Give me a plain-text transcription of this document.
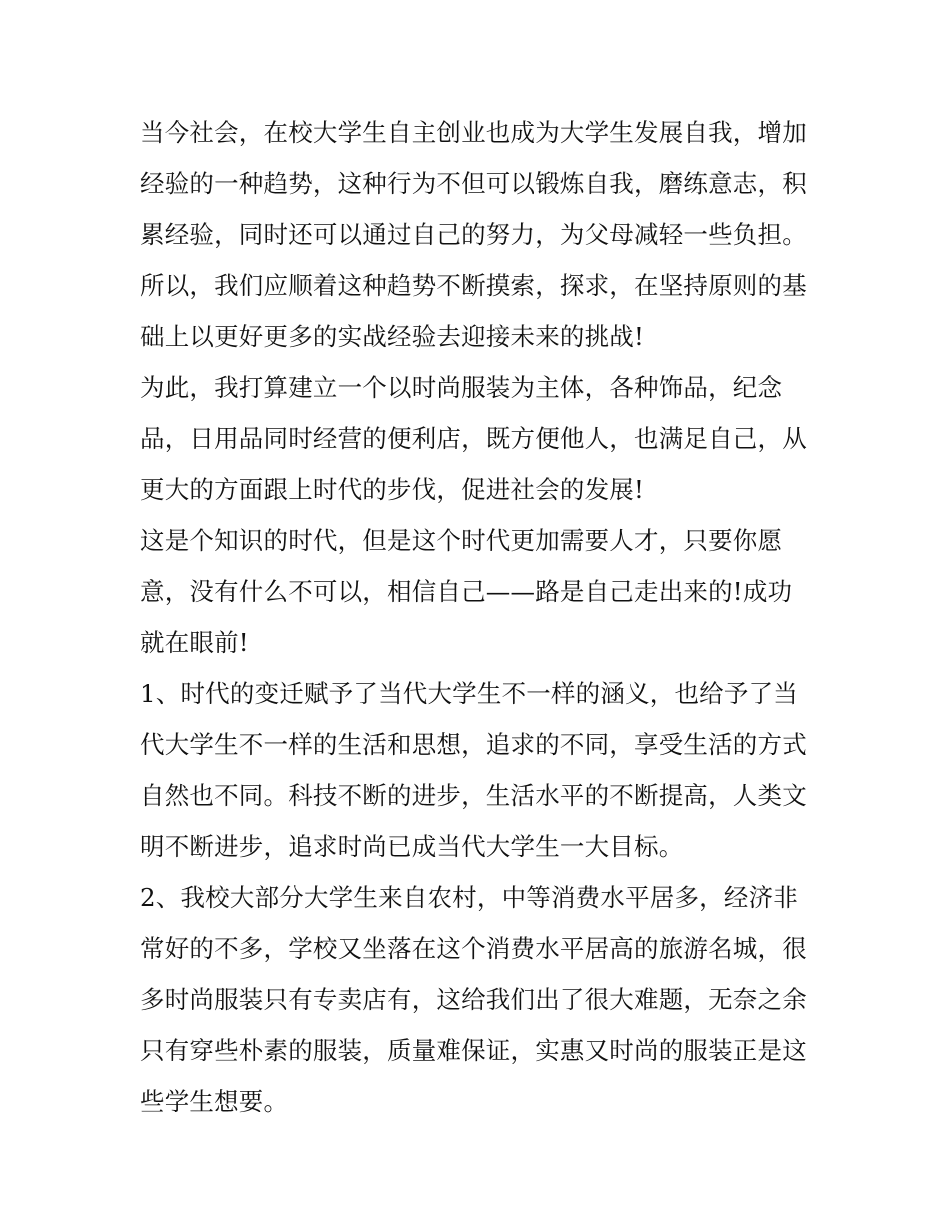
当今社会，在校大学生自主创业也成为大学生发展自我，增加
经验的一种趋势，这种行为不但可以锻炼自我，磨练意志，积
累经验，同时还可以通过自己的努力，为父母减轻一些负担。
所以，我们应顺着这种趋势不断摸索，探求，在坚持原则的基
础上以更好更多的实战经验去迎接未来的挑战!
为此，我打算建立一个以时尚服装为主体，各种饰品，纪念
品，日用品同时经营的便利店，既方便他人，也满足自己，从
更大的方面跟上时代的步伐，促进社会的发展!
这是个知识的时代，但是这个时代更加需要人才，只要你愿
意，没有什么不可以，相信自己——路是自己走出来的!成功
就在眼前!
1、时代的变迁赋予了当代大学生不一样的涵义，也给予了当
代大学生不一样的生活和思想，追求的不同，享受生活的方式
自然也不同。科技不断的进步，生活水平的不断提高，人类文
明不断进步，追求时尚已成当代大学生一大目标。
2、我校大部分大学生来自农村，中等消费水平居多，经济非
常好的不多，学校又坐落在这个消费水平居高的旅游名城，很
多时尚服装只有专卖店有，这给我们出了很大难题，无奈之余
只有穿些朴素的服装，质量难保证，实惠又时尚的服装正是这
些学生想要。
